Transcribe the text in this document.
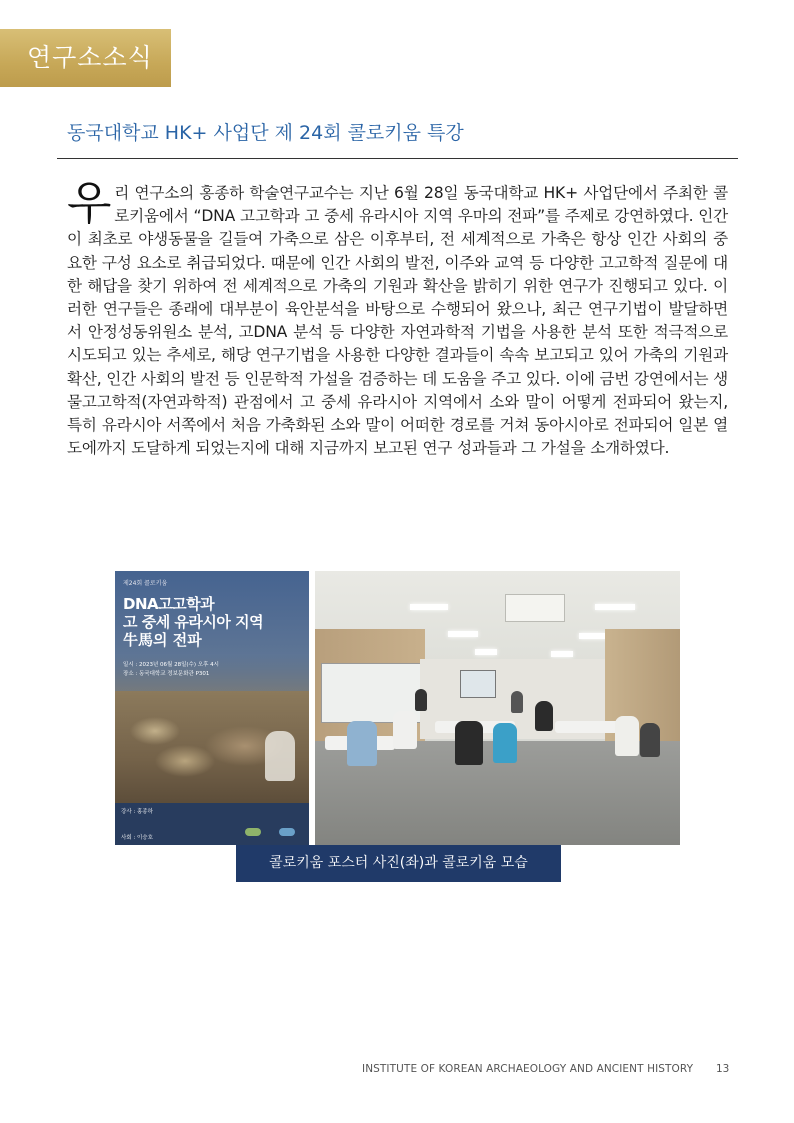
연구소소식
동국대학교 HK+ 사업단 제 24회 콜로키움 특강
우리 연구소의 홍종하 학술연구교수는 지난 6월 28일 동국대학교 HK+ 사업단에서 주최한 콜로키움에서 “DNA 고고학과 고 중세 유라시아 지역 우마의 전파”를 주제로 강연하였다. 인간이 최초로 야생동물을 길들여 가축으로 삼은 이후부터, 전 세계적으로 가축은 항상 인간 사회의 중요한 구성 요소로 취급되었다. 때문에 인간 사회의 발전, 이주와 교역 등 다양한 고고학적 질문에 대한 해답을 찾기 위하여 전 세계적으로 가축의 기원과 확산을 밝히기 위한 연구가 진행되고 있다. 이러한 연구들은 종래에 대부분이 육안분석을 바탕으로 수행되어 왔으나, 최근 연구기법이 발달하면서 안정성동위원소 분석, 고DNA 분석 등 다양한 자연과학적 기법을 사용한 분석 또한 적극적으로 시도되고 있는 추세로, 해당 연구기법을 사용한 다양한 결과들이 속속 보고되고 있어 가축의 기원과 확산, 인간 사회의 발전 등 인문학적 가설을 검증하는 데 도움을 주고 있다. 이에 금번 강연에서는 생물고고학적(자연과학적) 관점에서 고 중세 유라시아 지역에서 소와 말이 어떻게 전파되어 왔는지, 특히 유라시아 서쪽에서 처음 가축화된 소와 말이 어떠한 경로를 거쳐 동아시아로 전파되어 일본 열도에까지 도달하게 되었는지에 대해 지금까지 보고된 연구 성과들과 그 가설을 소개하였다.
제24회 콜로키움
DNA고고학과
고 중세 유라시아 지역
牛馬의 전파
일시 : 2023년 06월 28일(수) 오후 4시
장소 : 동국대학교 정보문화관 P301
강사 : 홍종하
사회 : 이승호
콜로키움 포스터 사진(좌)과 콜로키움 모습
INSTITUTE OF KOREAN ARCHAEOLOGY AND ANCIENT HISTORY 13
